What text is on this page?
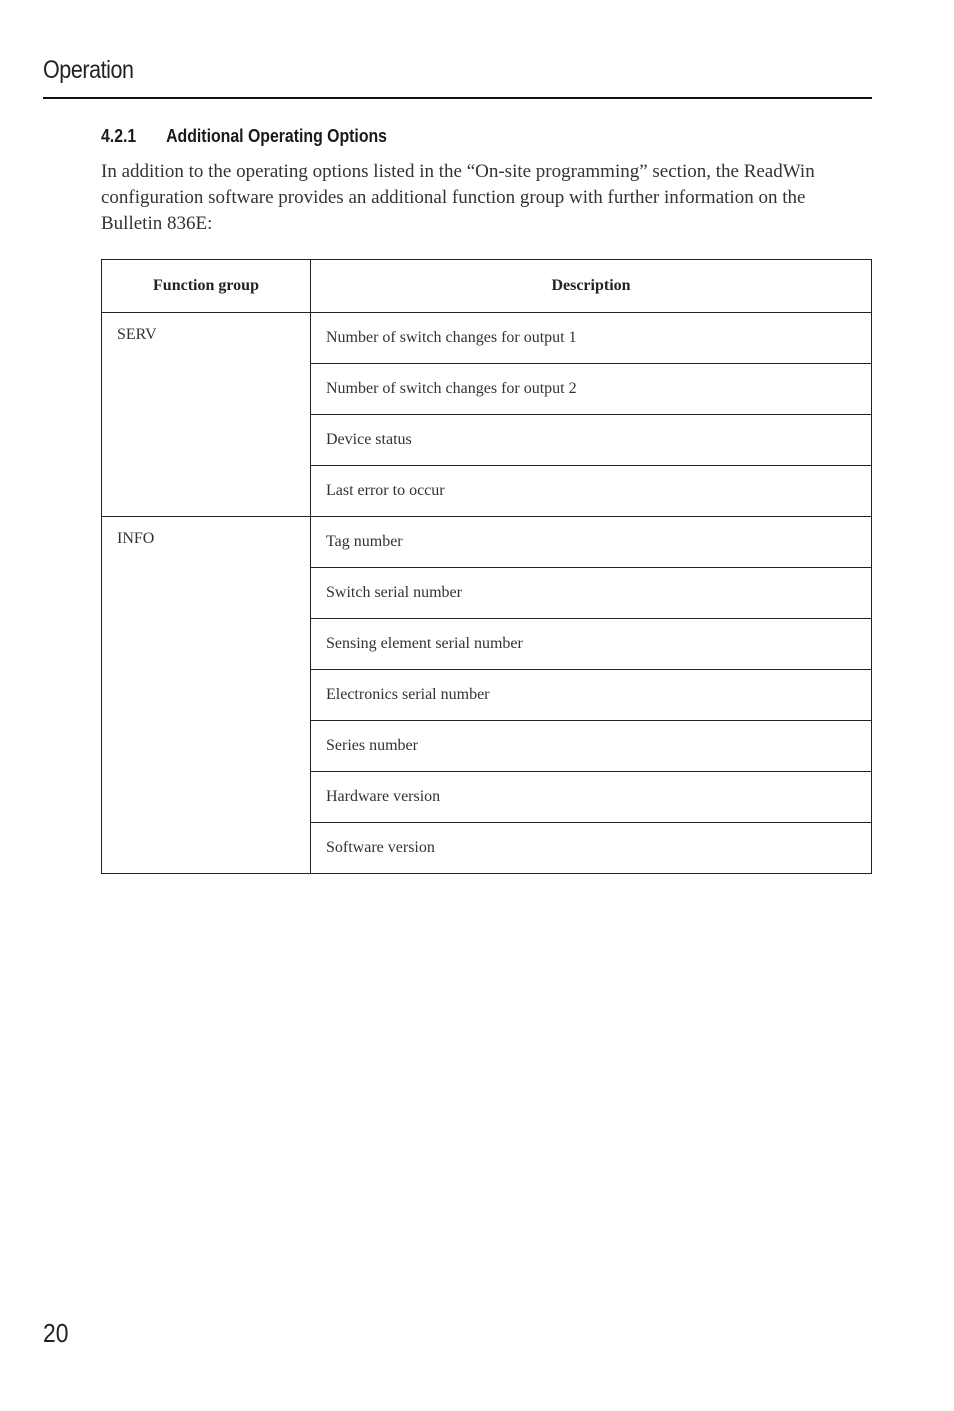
Operation
4.2.1 Additional Operating Options

In addition to the operating options listed in the “On-site programming” section, the ReadWin configuration software provides an additional function group with further information on the Bulletin 836E:

Function group	Description
SERV	Number of switch changes for output 1
	Number of switch changes for output 2
	Device status
	Last error to occur
INFO	Tag number
	Switch serial number
	Sensing element serial number
	Electronics serial number
	Series number
	Hardware version
	Software version
20
